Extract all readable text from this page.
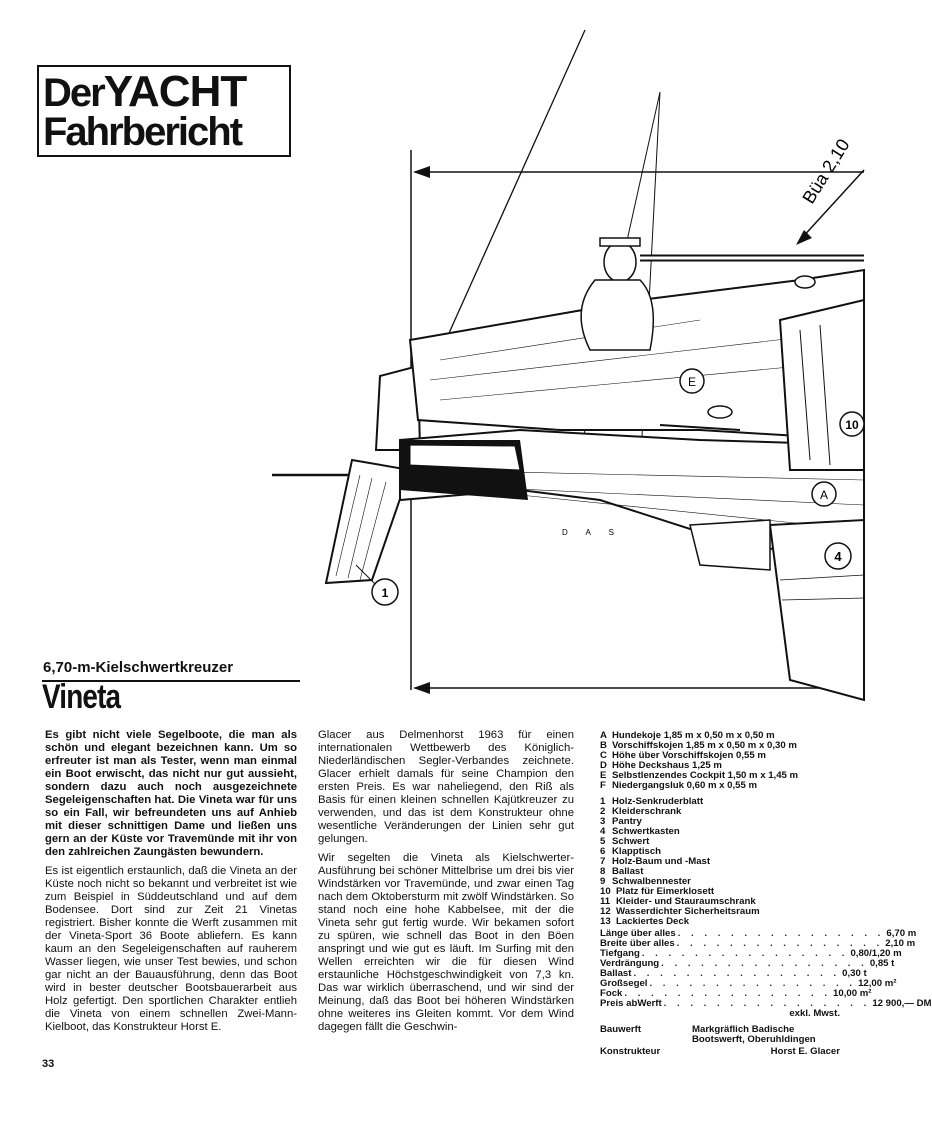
DerYACHT
Fahrbericht
Büa 2,10
D A S
E
10
A
1
4
6,70-m-Kielschwertkreuzer
Vineta

Es gibt nicht viele Segelboote, die man als schön und elegant bezeichnen kann. Um so erfreuter ist man als Tester, wenn man einmal ein Boot erwischt, das nicht nur gut aussieht, sondern dazu auch noch ausgezeichnete Segeleigenschaften hat. Die Vineta war für uns so ein Fall, wir befreundeten uns auf Anhieb mit dieser schnittigen Dame und ließen uns gern an der Küste vor Travemünde mit ihr von den zahlreichen Zaungästen bewundern.

Es ist eigentlich erstaunlich, daß die Vineta an der Küste noch nicht so bekannt und verbreitet ist wie zum Beispiel in Süddeutschland und auf dem Bodensee. Dort sind zur Zeit 21 Vinetas registriert. Bisher konnte die Werft zusammen mit der Vineta-Sport 36 Boote abliefern. Es kann kaum an den Segeleigenschaften auf rauherem Wasser liegen, wie unser Test bewies, und schon gar nicht an der Bauausführung, denn das Boot wird in bester deutscher Bootsbauerarbeit aus Holz gefertigt. Den sportlichen Charakter entlieh die Vineta von einem schnellen Zwei-Mann-Kielboot, das Konstrukteur Horst E.

Glacer aus Delmenhorst 1963 für einen internationalen Wettbewerb des Königlich-Niederländischen Segler-Verbandes zeichnete. Glacer erhielt damals für seine Champion den ersten Preis. Es war naheliegend, den Riß als Basis für einen kleinen schnellen Kajütkreuzer zu verwenden, und das ist dem Konstrukteur ohne wesentliche Veränderungen der Linien sehr gut gelungen.

Wir segelten die Vineta als Kielschwerter-Ausführung bei schöner Mittelbrise um drei bis vier Windstärken vor Travemünde, und zwar einen Tag nach dem Oktobersturm mit zwölf Windstärken. So stand noch eine hohe Kabbelsee, mit der die Vineta sehr gut fertig wurde. Wir bekamen sofort zu spüren, wie schnell das Boot in den Böen anspringt und wie gut es läuft. Im Surfing mit den Wellen erreichten wir die für diesen Wind erstaunliche Höchstgeschwindigkeit von 7,3 kn. Das war wirklich überraschend, und wir sind der Meinung, daß das Boot bei höheren Windstärken ohne weiteres ins Gleiten kommt. Vor dem Wind dagegen fällt die Geschwin-

33
A Hundekoje 1,85 m x 0,50 m x 0,50 m
B Vorschiffskojen 1,85 m x 0,50 m x 0,30 m
C Höhe über Vorschiffskojen 0,55 m
D Höhe Deckshaus 1,25 m
E Selbstlenzendes Cockpit 1,50 m x 1,45 m
F Niedergangsluk 0,60 m x 0,55 m
1 Holz-Senkruderblatt
2 Kleiderschrank
3 Pantry
4 Schwertkasten
5 Schwert
6 Klapptisch
7 Holz-Baum und -Mast
8 Ballast
9 Schwalbennester
10 Platz für Eimerklosett
11 Kleider- und Stauraumschrank
12 Wasserdichter Sicherheitsraum
13 Lackiertes Deck
Länge über alles . . . . . . . . . . . . . . . . 6,70 m
Breite über alles . . . . . . . . . . . . . . . . 2,10 m
Tiefgang . . . . . . . . . . . . . . . . 0,80/1,20 m
Verdrängung . . . . . . . . . . . . . . . . 0,85 t
Ballast . . . . . . . . . . . . . . . . 0,30 t
Großsegel . . . . . . . . . . . . . . . . 12,00 m²
Fock . . . . . . . . . . . . . . . . 10,00 m²
Preis abWerft . . . . . . . . . . . . . . . . 12 900,— DM
exkl. Mwst.
Bauwerft	Markgräflich Badische Bootswerft, Oberuhldingen
Konstrukteur	Horst E. Glacer
